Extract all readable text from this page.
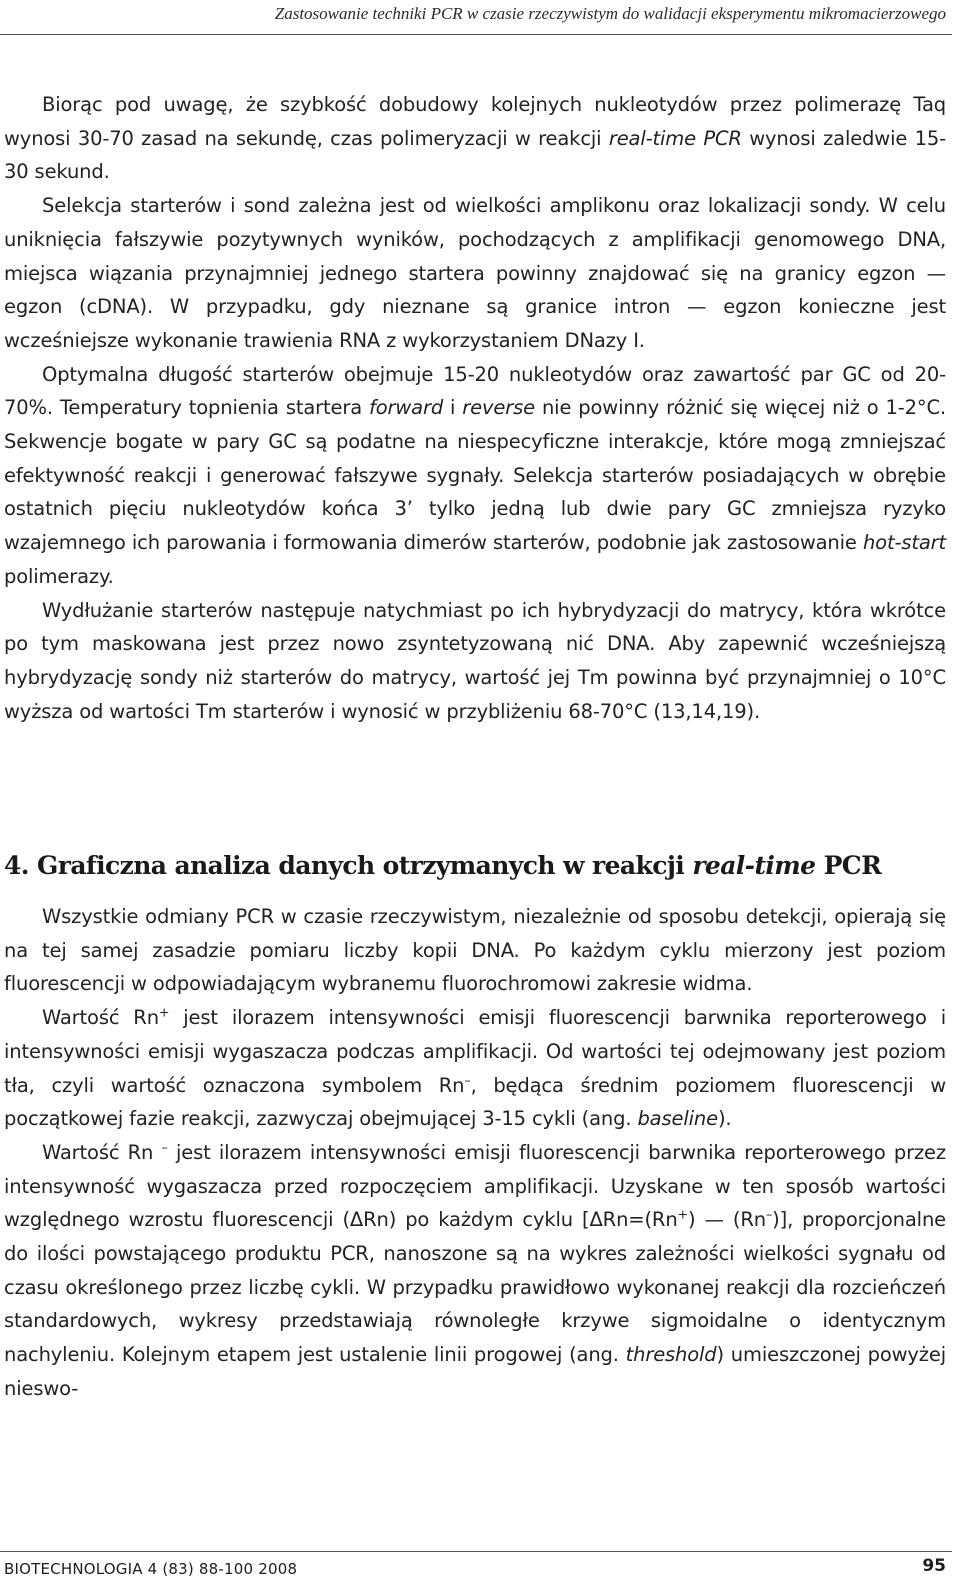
Zastosowanie techniki PCR w czasie rzeczywistym do walidacji eksperymentu mikromacierzowego

Biorąc pod uwagę, że szybkość dobudowy kolejnych nukleotydów przez polimerazę Taq wynosi 30-70 zasad na sekundę, czas polimeryzacji w reakcji real-time PCR wynosi zaledwie 15-30 sekund.

Selekcja starterów i sond zależna jest od wielkości amplikonu oraz lokalizacji sondy. W celu uniknięcia fałszywie pozytywnych wyników, pochodzących z amplifikacji genomowego DNA, miejsca wiązania przynajmniej jednego startera powinny znajdować się na granicy egzon — egzon (cDNA). W przypadku, gdy nieznane są granice intron — egzon konieczne jest wcześniejsze wykonanie trawienia RNA z wykorzystaniem DNazy I.

Optymalna długość starterów obejmuje 15-20 nukleotydów oraz zawartość par GC od 20-70%. Temperatury topnienia startera forward i reverse nie powinny różnić się więcej niż o 1-2°C. Sekwencje bogate w pary GC są podatne na niespecyficzne interakcje, które mogą zmniejszać efektywność reakcji i generować fałszywe sygnały. Selekcja starterów posiadających w obrębie ostatnich pięciu nukleotydów końca 3’ tylko jedną lub dwie pary GC zmniejsza ryzyko wzajemnego ich parowania i formowania dimerów starterów, podobnie jak zastosowanie hot-start polimerazy.

Wydłużanie starterów następuje natychmiast po ich hybrydyzacji do matrycy, która wkrótce po tym maskowana jest przez nowo zsyntetyzowaną nić DNA. Aby zapewnić wcześniejszą hybrydyzację sondy niż starterów do matrycy, wartość jej Tm powinna być przynajmniej o 10°C wyższa od wartości Tm starterów i wynosić w przybliżeniu 68-70°C (13,14,19).

4. Graficzna analiza danych otrzymanych w reakcji real-time PCR

Wszystkie odmiany PCR w czasie rzeczywistym, niezależnie od sposobu detekcji, opierają się na tej samej zasadzie pomiaru liczby kopii DNA. Po każdym cyklu mierzony jest poziom fluorescencji w odpowiadającym wybranemu fluorochromowi zakresie widma.

Wartość Rn+ jest ilorazem intensywności emisji fluorescencji barwnika reporterowego i intensywności emisji wygaszacza podczas amplifikacji. Od wartości tej odejmowany jest poziom tła, czyli wartość oznaczona symbolem Rn–, będąca średnim poziomem fluorescencji w początkowej fazie reakcji, zazwyczaj obejmującej 3-15 cykli (ang. baseline).

Wartość Rn – jest ilorazem intensywności emisji fluorescencji barwnika reporterowego przez intensywność wygaszacza przed rozpoczęciem amplifikacji. Uzyskane w ten sposób wartości względnego wzrostu fluorescencji (ΔRn) po każdym cyklu [ΔRn=(Rn+) — (Rn–)], proporcjonalne do ilości powstającego produktu PCR, nanoszone są na wykres zależności wielkości sygnału od czasu określonego przez liczbę cykli. W przypadku prawidłowo wykonanej reakcji dla rozcieńczeń standardowych, wykresy przedstawiają równoległe krzywe sigmoidalne o identycznym nachyleniu. Kolejnym etapem jest ustalenie linii progowej (ang. threshold) umieszczonej powyżej nieswo-

BIOTECHNOLOGIA 4 (83) 88-100 2008	95
